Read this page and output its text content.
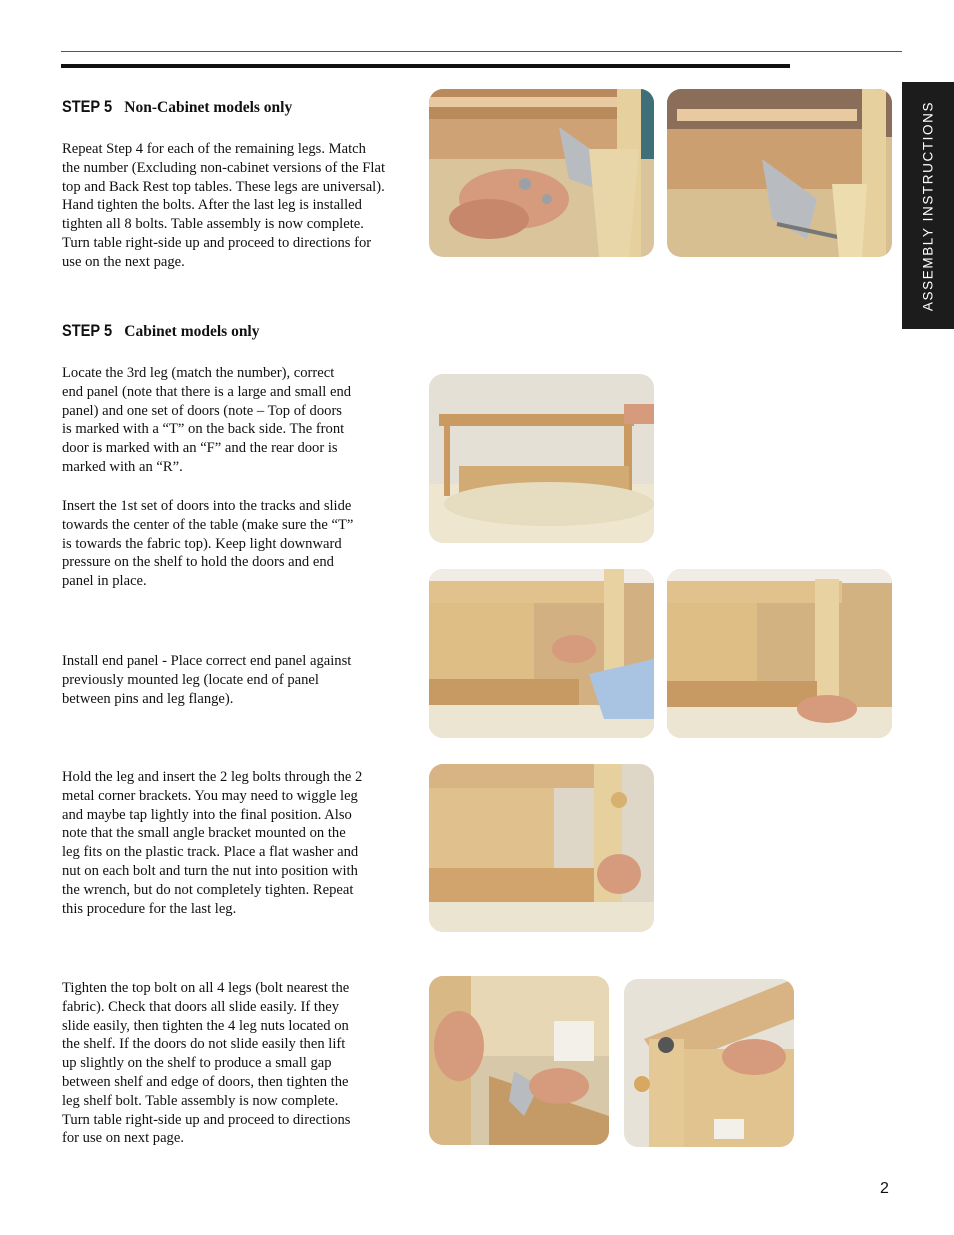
ASSEMBLY INSTRUCTIONS
STEP 5 Non-Cabinet models only

Repeat Step 4 for each of the remaining legs. Match
the number (Excluding non-cabinet versions of the Flat
top and Back Rest top tables. These legs are universal).
Hand tighten the bolts. After the last leg is installed
tighten all 8 bolts. Table assembly is now complete.
Turn table right-side up and proceed to directions for
use on the next page.

STEP 5 Cabinet models only

Locate the 3rd leg (match the number), correct
end panel (note that there is a large and small end
panel) and one set of doors (note – Top of doors
is marked with a “T” on the back side. The front
door is marked with an “F” and the rear door is
marked with an “R”.

Insert the 1st set of doors into the tracks and slide
towards the center of the table (make sure the “T”
is towards the fabric top). Keep light downward
pressure on the shelf to hold the doors and end
panel in place.

Install end panel - Place correct end panel against
previously mounted leg (locate end of panel
between pins and leg flange).

Hold the leg and insert the 2 leg bolts through the 2
metal corner brackets. You may need to wiggle leg
and maybe tap lightly into the final position. Also
note that the small angle bracket mounted on the
leg fits on the plastic track. Place a flat washer and
nut on each bolt and turn the nut into position with
the wrench, but do not completely tighten. Repeat
this procedure for the last leg.

Tighten the top bolt on all 4 legs (bolt nearest the
fabric). Check that doors all slide easily. If they
slide easily, then tighten the 4 leg nuts located on
the shelf. If the doors do not slide easily then lift
up slightly on the shelf to produce a small gap
between shelf and edge of doors, then tighten the
leg shelf bolt. Table assembly is now complete.
Turn table right-side up and proceed to directions
for use on next page.

2
